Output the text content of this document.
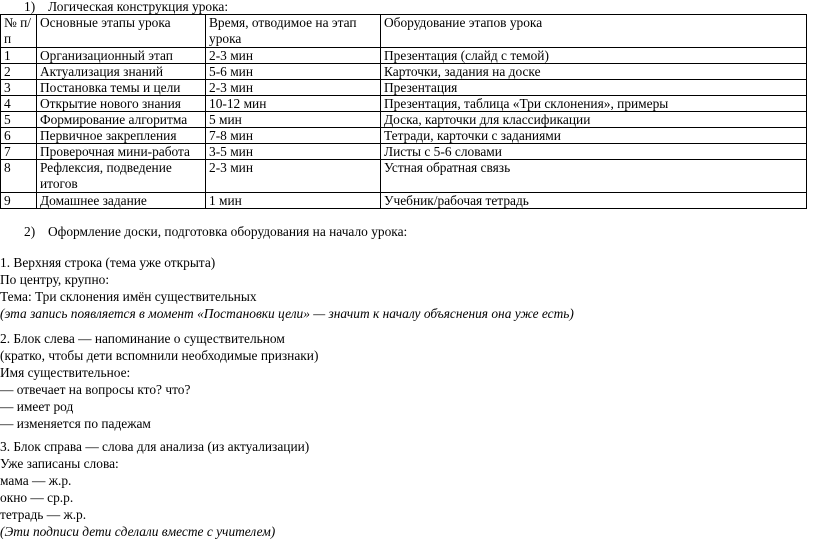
1) Логическая конструкция урока:
№ п/п	Основные этапы урока	Время, отводимое на этап урока	Оборудование этапов урока
1	Организационный этап	2-3 мин	Презентация (слайд с темой)
2	Актуализация знаний	5-6 мин	Карточки, задания на доске
3	Постановка темы и цели	2-3 мин	Презентация
4	Открытие нового знания	10-12 мин	Презентация, таблица «Три склонения», примеры
5	Формирование алгоритма	5 мин	Доска, карточки для классификации
6	Первичное закрепления	7-8 мин	Тетради, карточки с заданиями
7	Проверочная мини-работа	3-5 мин	Листы с 5-6 словами
8	Рефлексия, подведение итогов	2-3 мин	Устная обратная связь
9	Домашнее задание	1 мин	Учебник/рабочая тетрадь
2) Оформление доски, подготовка оборудования на начало урока:
1. Верхняя строка (тема уже открыта)
По центру, крупно:
Тема: Три склонения имён существительных
(эта запись появляется в момент «Постановки цели» — значит к началу объяснения она уже есть)
2. Блок слева — напоминание о существительном
(кратко, чтобы дети вспомнили необходимые признаки)
Имя существительное:
— отвечает на вопросы кто? что?
— имеет род
— изменяется по падежам
3. Блок справа — слова для анализа (из актуализации)
Уже записаны слова:
мама — ж.р.
окно — ср.р.
тетрадь — ж.р.
(Эти подписи дети сделали вместе с учителем)
